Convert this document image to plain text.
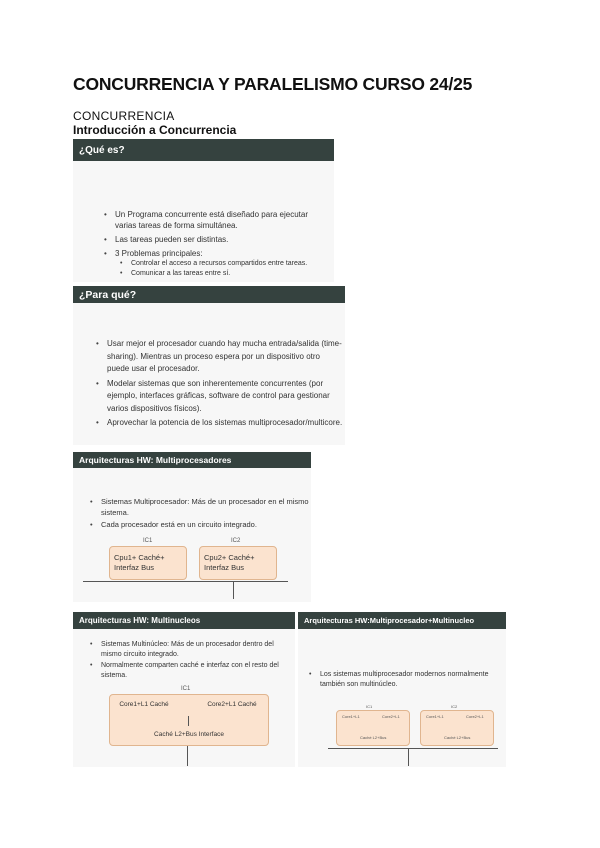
CONCURRENCIA Y PARALELISMO CURSO 24/25
CONCURRENCIA
Introducción a Concurrencia
¿Qué es?
• Un Programa concurrente está diseñado para ejecutar varias tareas de forma simultánea.
• Las tareas pueden ser distintas.
• 3 Problemas principales:
• Controlar el acceso a recursos compartidos entre tareas.
• Comunicar a las tareas entre sí.
¿Para qué?
• Usar mejor el procesador cuando hay mucha entrada/salida (time-sharing). Mientras un proceso espera por un dispositivo otro puede usar el procesador.
• Modelar sistemas que son inherentemente concurrentes (por ejemplo, interfaces gráficas, software de control para gestionar varios dispositivos físicos).
• Aprovechar la potencia de los sistemas multiprocesador/multicore.
Arquitecturas HW: Multiprocesadores
• Sistemas Multiprocesador: Más de un procesador en el mismo sistema.
• Cada procesador está en un circuito integrado.
IC1	IC2
Cpu1+ Caché+ Interfaz Bus
Cpu2+ Caché+ Interfaz Bus
Arquitecturas HW: Multinucleos
• Sistemas Multinúcleo: Más de un procesador dentro del mismo circuito integrado.
• Normalmente comparten caché e interfaz con el resto del sistema.
IC1
Core1+L1 Caché	Core2+L1 Caché
Caché L2+Bus Interface
Arquitecturas HW:Multiprocesador+Multinucleo
• Los sistemas multiprocesador modernos normalmente también son multinúcleo.
IC1	IC2
Core1+L1	Core2+L1
Caché L2+Bus
Core1+L1	Core2+L1
Caché L2+Bus
